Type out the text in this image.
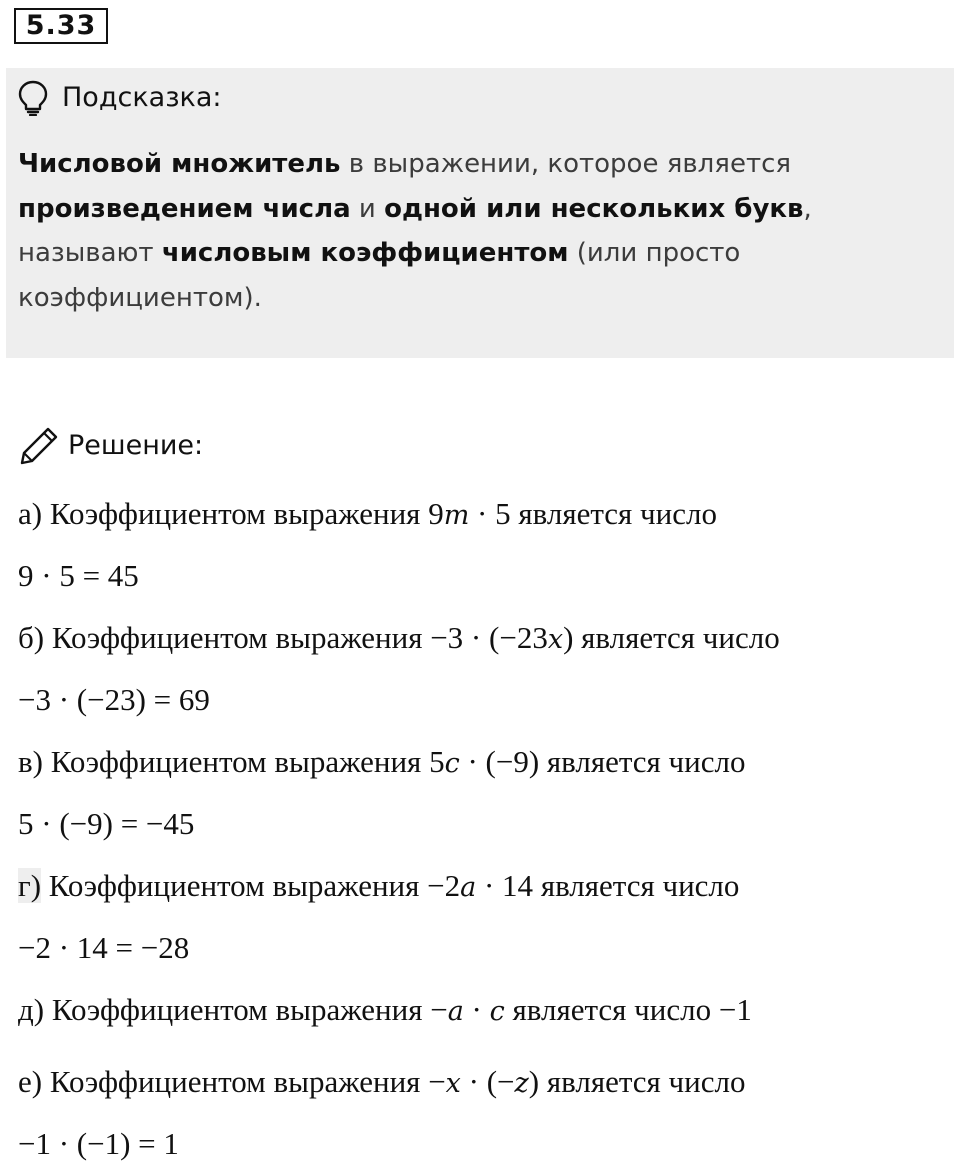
5.33
Подсказка:
Числовой множитель в выражении, которое является произведением числа и одной или нескольких букв, называют числовым коэффициентом (или просто коэффициентом).
Решение:
а) Коэффициентом выражения 9m · 5 является число
9 · 5 = 45
б) Коэффициентом выражения −3 · (−23x) является число
−3 · (−23) = 69
в) Коэффициентом выражения 5c · (−9) является число
5 · (−9) = −45
г) Коэффициентом выражения −2a · 14 является число
−2 · 14 = −28
д) Коэффициентом выражения −a · c является число −1
е) Коэффициентом выражения −x · (−z) является число
−1 · (−1) = 1
